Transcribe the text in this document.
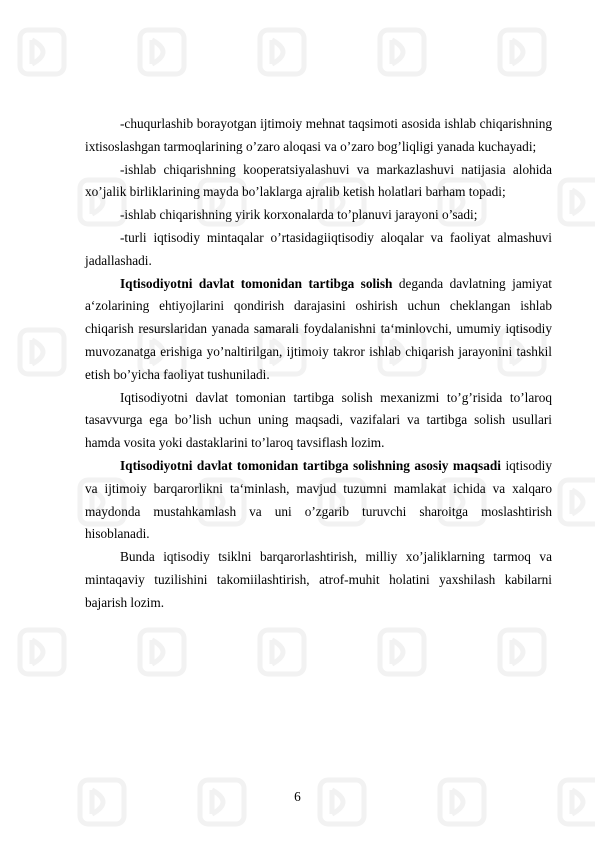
-chuqurlashib borayotgan ijtimoiy mehnat taqsimoti asosida ishlab chiqarishning ixtisoslashgan tarmoqlarining o’zaro aloqasi va o’zaro bog’liqligi yanada kuchayadi;

-ishlab chiqarishning kooperatsiyalashuvi va markazlashuvi natijasia alohida xo’jalik birliklarining mayda bo’laklarga ajralib ketish holatlari barham topadi;

-ishlab chiqarishning yirik korxonalarda to’planuvi jarayoni o’sadi;

-turli iqtisodiy mintaqalar o’rtasidagiiqtisodiy aloqalar va faoliyat almashuvi jadallashadi.

Iqtisodiyotni davlat tomonidan tartibga solish deganda davlatning jamiyat a‘zolarining ehtiyojlarini qondirish darajasini oshirish uchun cheklangan ishlab chiqarish resurslaridan yanada samarali foydalanishni ta‘minlovchi, umumiy iqtisodiy muvozanatga erishiga yo’naltirilgan, ijtimoiy takror ishlab chiqarish jarayonini tashkil etish bo’yicha faoliyat tushuniladi.

Iqtisodiyotni davlat tomonian tartibga solish mexanizmi to’g’risida to’laroq tasavvurga ega bo’lish uchun uning maqsadi, vazifalari va tartibga solish usullari hamda vosita yoki dastaklarini to’laroq tavsiflash lozim.

Iqtisodiyotni davlat tomonidan tartibga solishning asosiy maqsadi iqtisodiy va ijtimoiy barqarorlikni ta‘minlash, mavjud tuzumni mamlakat ichida va xalqaro maydonda mustahkamlash va uni o’zgarib turuvchi sharoitga moslashtirish hisoblanadi.

Bunda iqtisodiy tsiklni barqarorlashtirish, milliy xo’jaliklarning tarmoq va mintaqaviy tuzilishini takomiilashtirish, atrof-muhit holatini yaxshilash kabilarni bajarish lozim.

6
